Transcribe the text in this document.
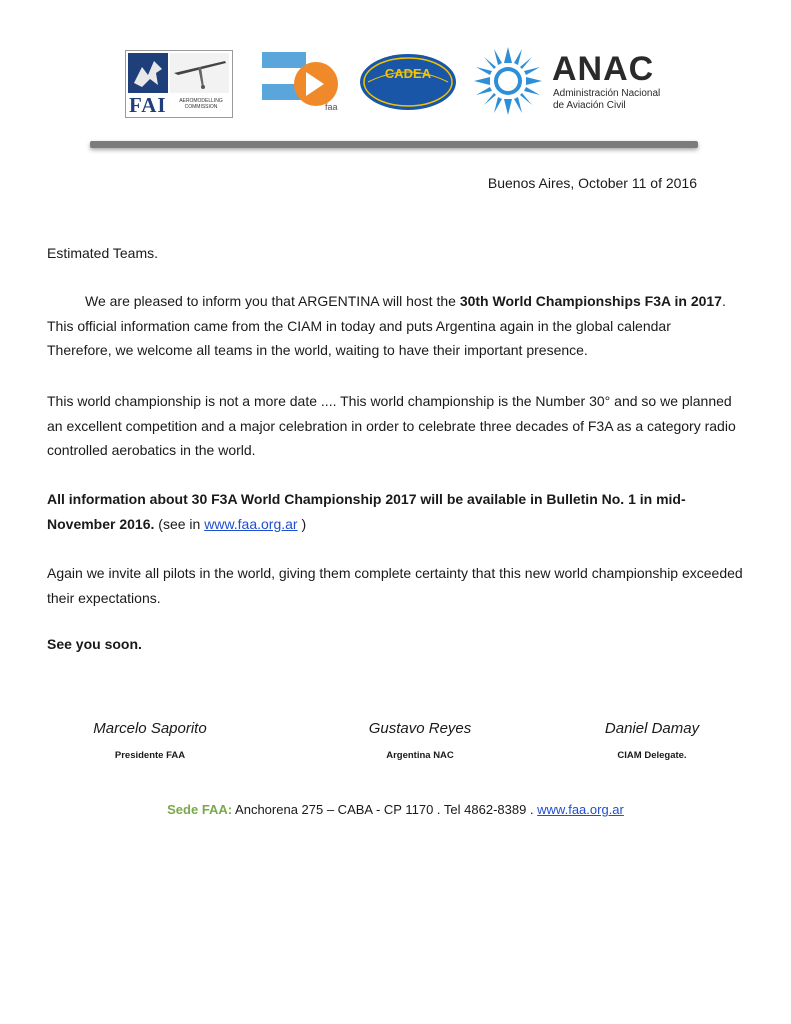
FAI	AEROMODELLING COMMISSION	faa
CADEA	ANAC
Administración Nacional
de Aviación Civil
Buenos Aires, October 11 of 2016
Estimated Teams.
We are pleased to inform you that ARGENTINA will host the 30th World Championships F3A in 2017.
This official information came from the CIAM in today and puts Argentina again in the global calendar
Therefore, we welcome all teams in the world, waiting to have their important presence.
This world championship is not a more date .... This world championship is the Number 30° and so we planned an excellent competition and a major celebration in order to celebrate three decades of F3A as a category radio controlled aerobatics in the world.
All information about 30 F3A World Championship 2017 will be available in Bulletin No. 1 in mid-November 2016. (see in www.faa.org.ar )
Again we invite all pilots in the world, giving them complete certainty that this new world championship exceeded their expectations.
See you soon.
Marcelo Saporito
Presidente FAA
Gustavo Reyes
Argentina NAC
Daniel Damay
CIAM Delegate.
Sede FAA: Anchorena 275 – CABA - CP 1170 . Tel 4862-8389 . www.faa.org.ar
